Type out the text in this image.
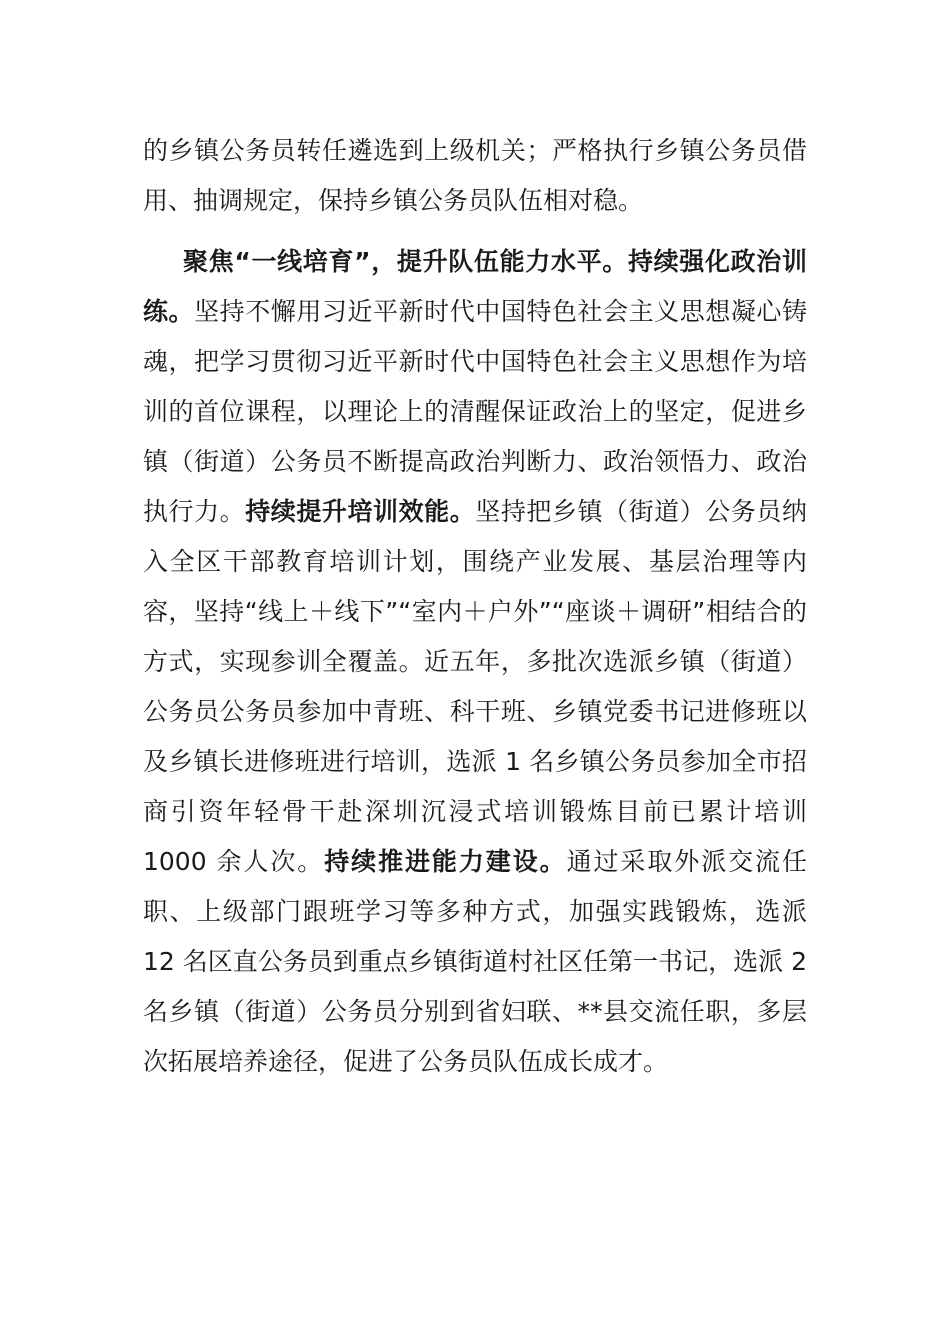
的乡镇公务员转任遴选到上级机关；严格执行乡镇公务员借用、抽调规定，保持乡镇公务员队伍相对稳。

聚焦“一线培育”，提升队伍能力水平。持续强化政治训练。坚持不懈用习近平新时代中国特色社会主义思想凝心铸魂，把学习贯彻习近平新时代中国特色社会主义思想作为培训的首位课程，以理论上的清醒保证政治上的坚定，促进乡镇（街道）公务员不断提高政治判断力、政治领悟力、政治执行力。持续提升培训效能。坚持把乡镇（街道）公务员纳入全区干部教育培训计划，围绕产业发展、基层治理等内容，坚持“线上＋线下”“室内＋户外”“座谈＋调研”相结合的方式，实现参训全覆盖。近五年，多批次选派乡镇（街道）公务员公务员参加中青班、科干班、乡镇党委书记进修班以及乡镇长进修班进行培训，选派 1 名乡镇公务员参加全市招商引资年轻骨干赴深圳沉浸式培训锻炼目前已累计培训 1000 余人次。持续推进能力建设。通过采取外派交流任职、上级部门跟班学习等多种方式，加强实践锻炼，选派 12 名区直公务员到重点乡镇街道村社区任第一书记，选派 2 名乡镇（街道）公务员分别到省妇联、**县交流任职，多层次拓展培养途径，促进了公务员队伍成长成才。
